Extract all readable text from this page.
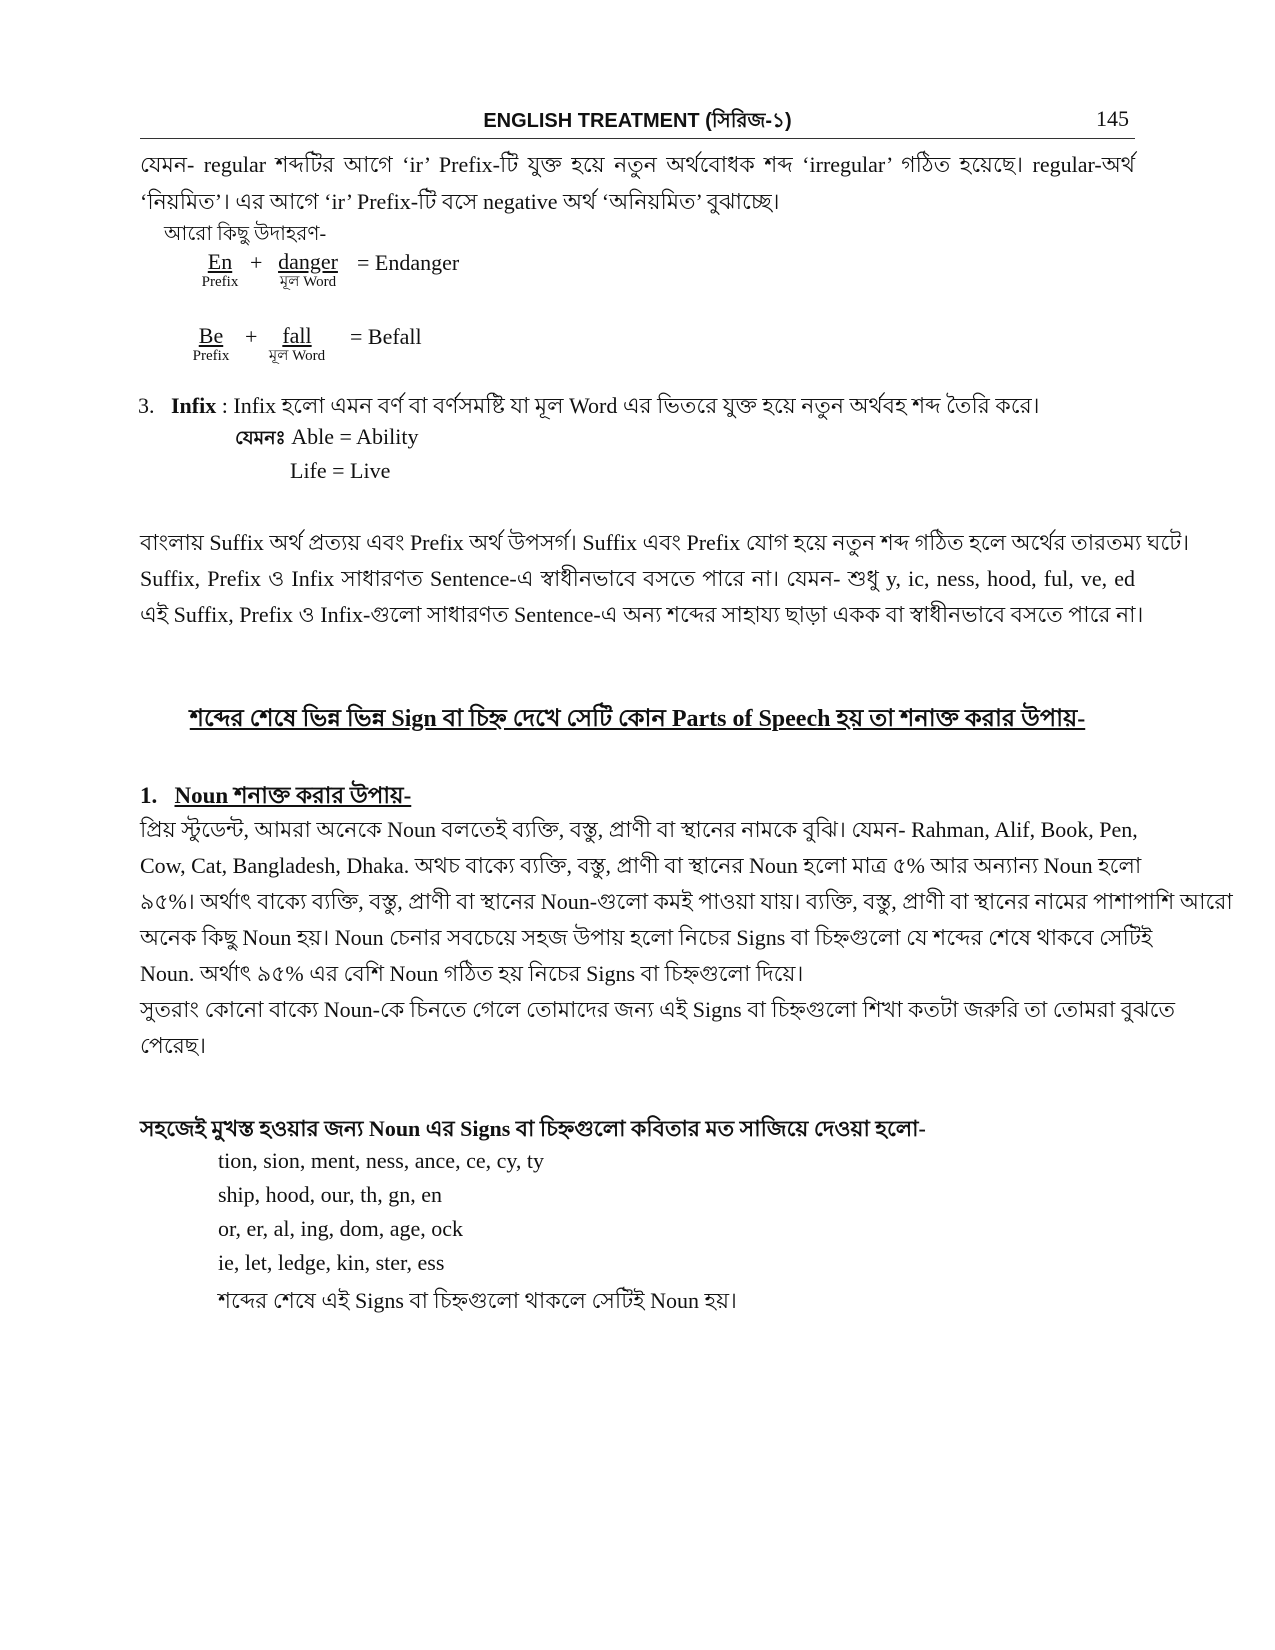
ENGLISH TREATMENT (সিরিজ-১)	145
যেমন- regular শব্দটির আগে ‘ir’ Prefix-টি যুক্ত হয়ে নতুন অর্থবোধক শব্দ ‘irregular’ গঠিত হয়েছে। regular-অর্থ
‘নিয়মিত’। এর আগে ‘ir’ Prefix-টি বসে negative অর্থ ‘অনিয়মিত’ বুঝাচ্ছে।
আরো কিছু উদাহরণ-
En
Prefix
+ danger
মূল Word
= Endanger
Be
Prefix
+	fall
মূল Word
= Befall
3. Infix : Infix হলো এমন বর্ণ বা বর্ণসমষ্টি যা মূল Word এর ভিতরে যুক্ত হয়ে নতুন অর্থবহ শব্দ তৈরি করে।
যেমনঃ Able = Ability
Life = Live
বাংলায় Suffix অর্থ প্রত্যয় এবং Prefix অর্থ উপসর্গ। Suffix এবং Prefix যোগ হয়ে নতুন শব্দ গঠিত হলে অর্থের তারতম্য ঘটে।
Suffix, Prefix ও Infix সাধারণত Sentence-এ স্বাধীনভাবে বসতে পারে না। যেমন- শুধু y, ic, ness, hood, ful, ve, ed
এই Suffix, Prefix ও Infix-গুলো সাধারণত Sentence-এ অন্য শব্দের সাহায্য ছাড়া একক বা স্বাধীনভাবে বসতে পারে না।
শব্দের শেষে ভিন্ন ভিন্ন Sign বা চিহ্ন দেখে সেটি কোন Parts of Speech হয় তা শনাক্ত করার উপায়-
1. Noun শনাক্ত করার উপায়-
প্রিয় স্টুডেন্ট, আমরা অনেকে Noun বলতেই ব্যক্তি, বস্তু, প্রাণী বা স্থানের নামকে বুঝি। যেমন- Rahman, Alif, Book, Pen,
Cow, Cat, Bangladesh, Dhaka. অথচ বাক্যে ব্যক্তি, বস্তু, প্রাণী বা স্থানের Noun হলো মাত্র ৫% আর অন্যান্য Noun হলো
৯৫%। অর্থাৎ বাক্যে ব্যক্তি, বস্তু, প্রাণী বা স্থানের Noun-গুলো কমই পাওয়া যায়। ব্যক্তি, বস্তু, প্রাণী বা স্থানের নামের পাশাপাশি আরো
অনেক কিছু Noun হয়। Noun চেনার সবচেয়ে সহজ উপায় হলো নিচের Signs বা চিহ্নগুলো যে শব্দের শেষে থাকবে সেটিই
Noun. অর্থাৎ ৯৫% এর বেশি Noun গঠিত হয় নিচের Signs বা চিহ্নগুলো দিয়ে।
সুতরাং কোনো বাক্যে Noun-কে চিনতে গেলে তোমাদের জন্য এই Signs বা চিহ্নগুলো শিখা কতটা জরুরি তা তোমরা বুঝতে
পেরেছ।
সহজেই মুখস্ত হওয়ার জন্য Noun এর Signs বা চিহ্নগুলো কবিতার মত সাজিয়ে দেওয়া হলো-
tion, sion, ment, ness, ance, ce, cy, ty
ship, hood, our, th, gn, en
or, er, al, ing, dom, age, ock
ie, let, ledge, kin, ster, ess
শব্দের শেষে এই Signs বা চিহ্নগুলো থাকলে সেটিই Noun হয়।
